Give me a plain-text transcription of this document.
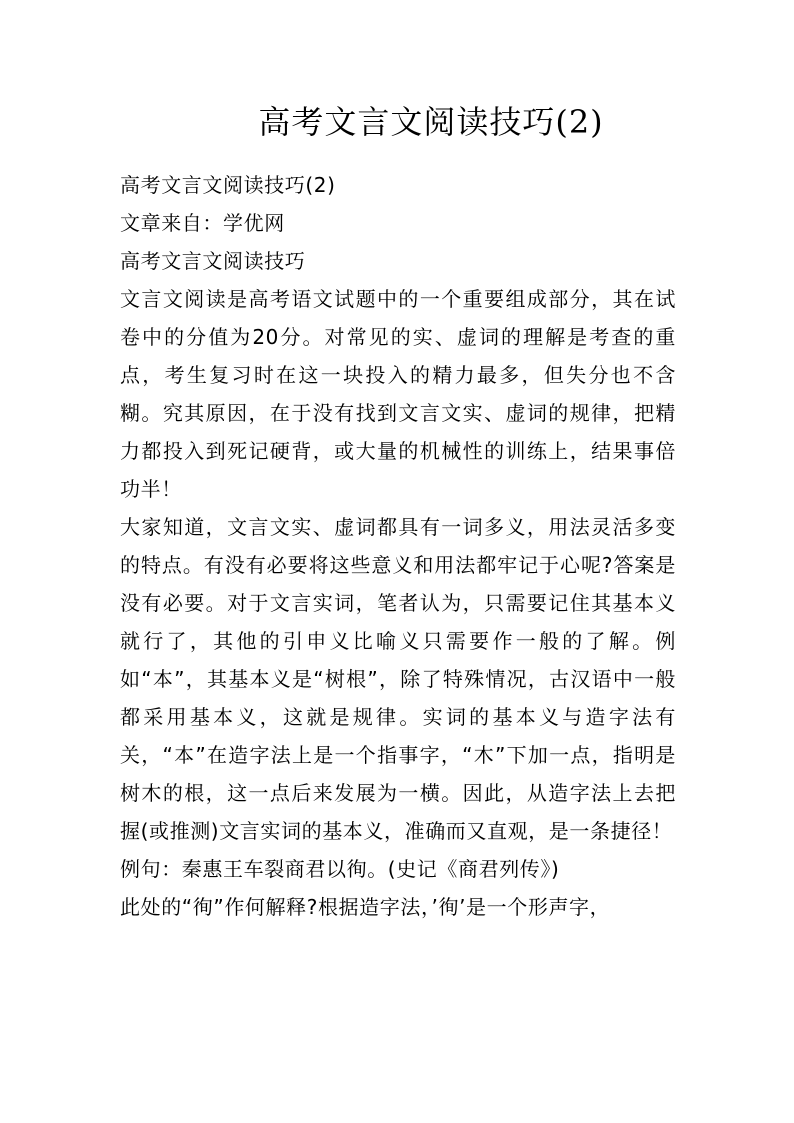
高考文言文阅读技巧(2)

高考文言文阅读技巧(2)

文章来自：学优网

高考文言文阅读技巧

文言文阅读是高考语文试题中的一个重要组成部分，其在试卷中的分值为20分。对常见的实、虚词的理解是考查的重点，考生复习时在这一块投入的精力最多，但失分也不含糊。究其原因，在于没有找到文言文实、虚词的规律，把精力都投入到死记硬背，或大量的机械性的训练上，结果事倍功半！

大家知道，文言文实、虚词都具有一词多义，用法灵活多变的特点。有没有必要将这些意义和用法都牢记于心呢?答案是没有必要。对于文言实词，笔者认为，只需要记住其基本义就行了，其他的引申义比喻义只需要作一般的了解。例如“本”，其基本义是“树根”，除了特殊情况，古汉语中一般都采用基本义，这就是规律。实词的基本义与造字法有关，“本”在造字法上是一个指事字，“木”下加一点，指明是树木的根，这一点后来发展为一横。因此，从造字法上去把握(或推测)文言实词的基本义，准确而又直观，是一条捷径！

例句：秦惠王车裂商君以徇。(史记《商君列传》)

此处的“徇”作何解释?根据造字法，’徇’是一个形声字，
